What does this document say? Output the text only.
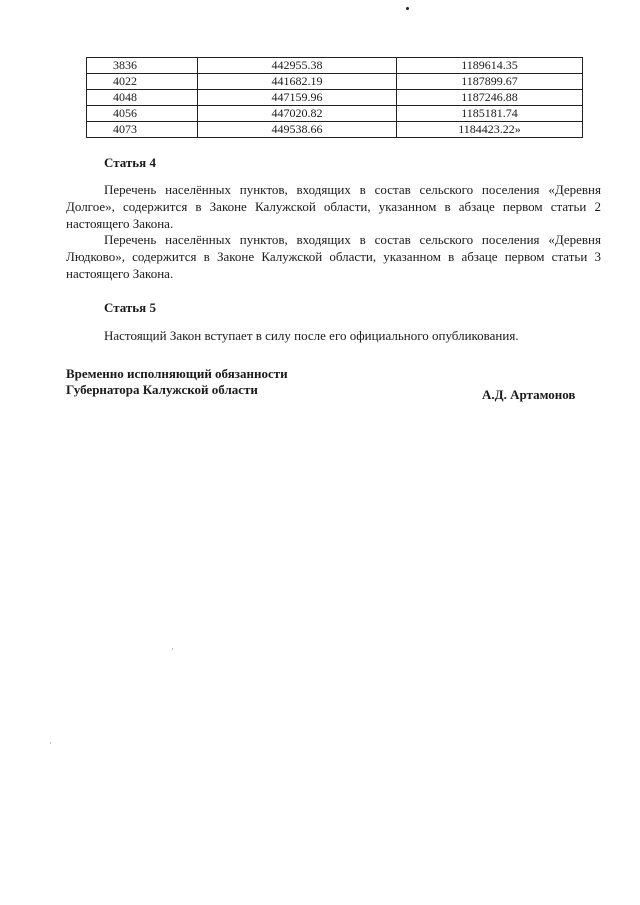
3836	442955.38	1189614.35
4022	441682.19	1187899.67
4048	447159.96	1187246.88
4056	447020.82	1185181.74
4073	449538.66	1184423.22»
Статья 4

Перечень населённых пунктов, входящих в состав сельского поселения «Деревня Долгое», содержится в Законе Калужской области, указанном в абзаце первом статьи 2 настоящего Закона.

Перечень населённых пунктов, входящих в состав сельского поселения «Деревня Людково», содержится в Законе Калужской области, указанном в абзаце первом статьи 3 настоящего Закона.

Статья 5

Настоящий Закон вступает в силу после его официального опубликования.

Временно исполняющий обязанности
Губернатора Калужской области	А.Д. Артамонов
